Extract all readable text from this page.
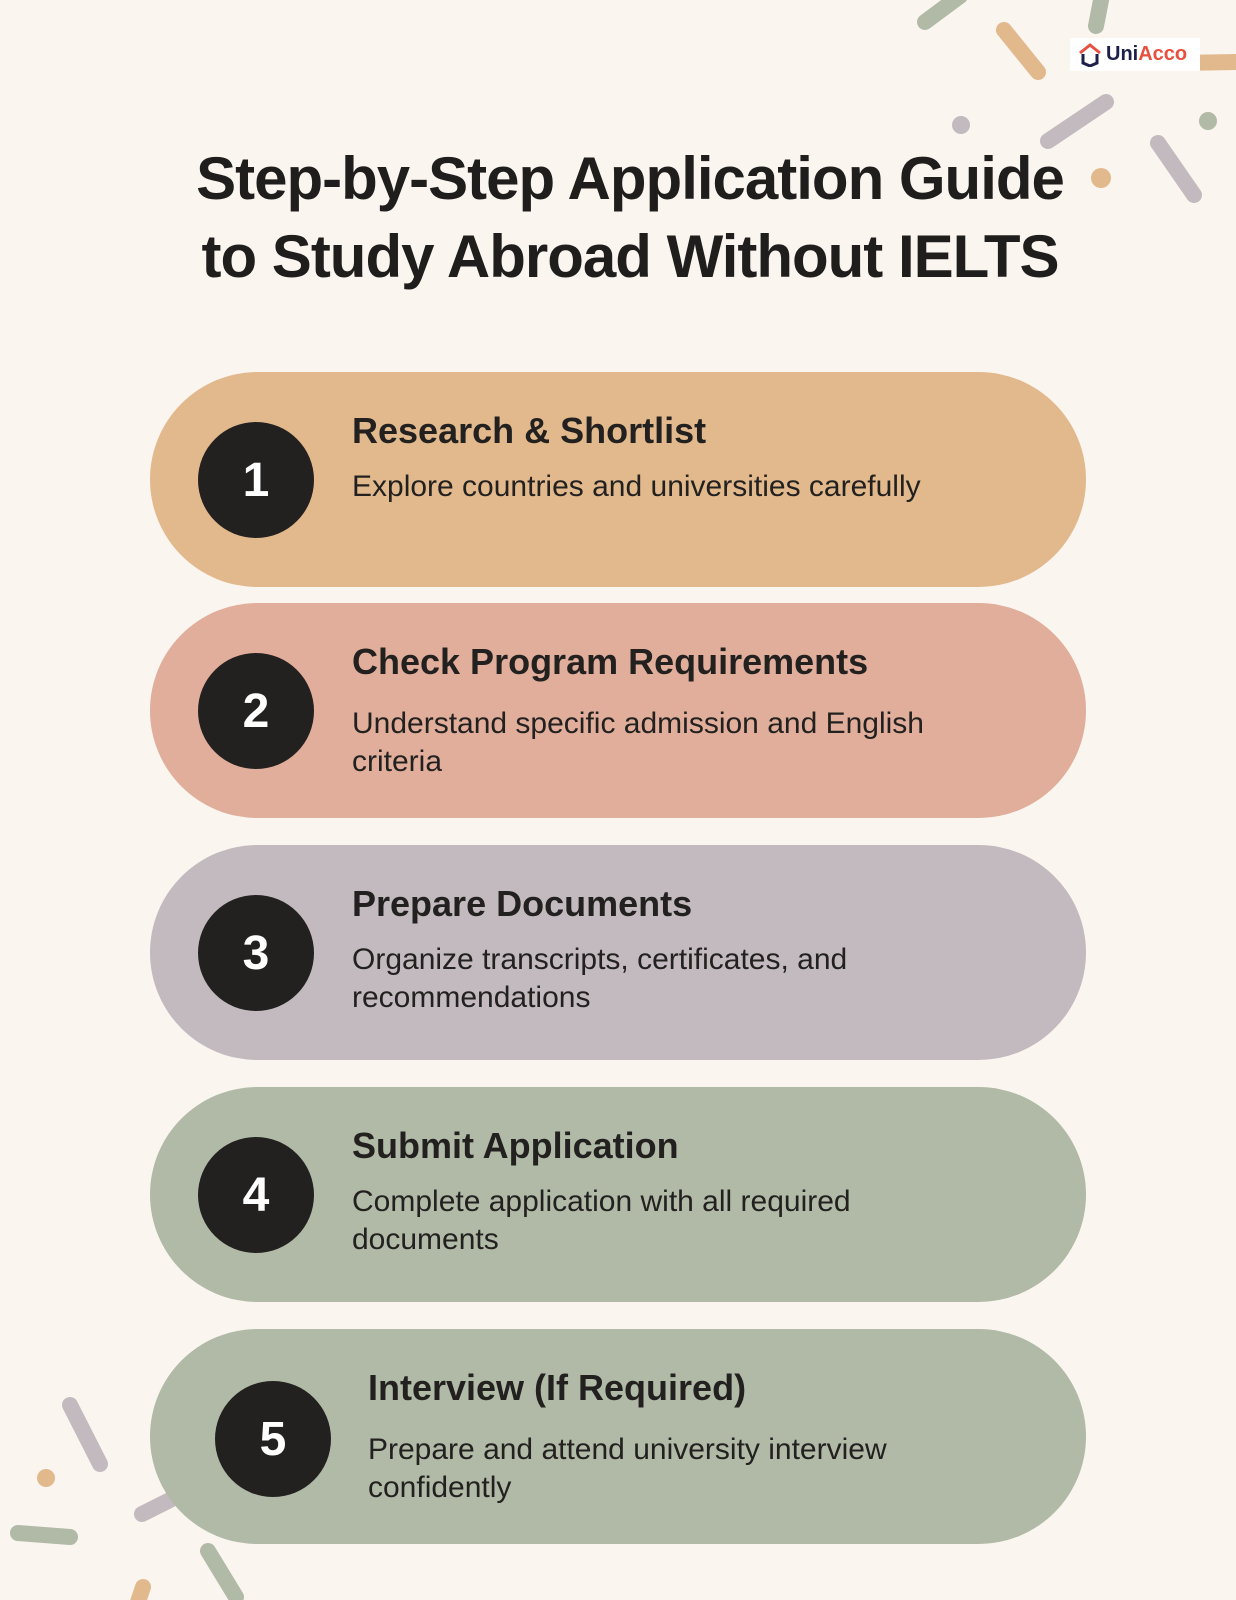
Uni Acco
Step-by-Step Application Guide
to Study Abroad Without IELTS
1
Research & Shortlist
Explore countries and universities carefully
2
Check Program Requirements
Understand specific admission and English criteria
3
Prepare Documents
Organize transcripts, certificates, and recommendations
4
Submit Application
Complete application with all required documents
5
Interview (If Required)
Prepare and attend university interview confidently
